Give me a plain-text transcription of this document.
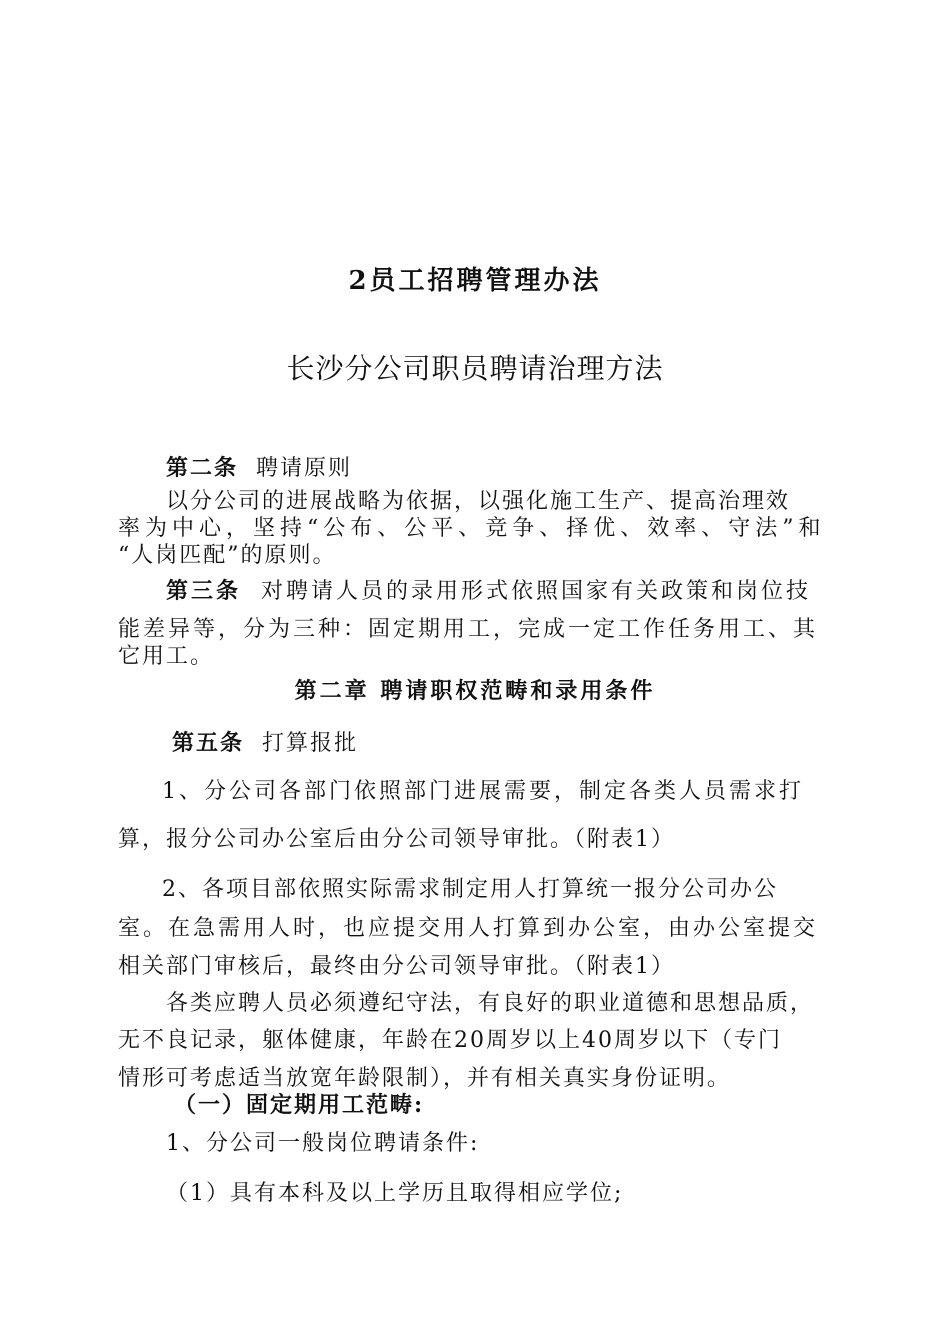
2员工招聘管理办法
长沙分公司职员聘请治理方法
第二条 聘请原则
以分公司的进展战略为依据，以强化施工生产、提高治理效
率为中心，坚持“公布、公平、竞争、择优、效率、守法”和
“人岗匹配”的原则。
第三条 对聘请人员的录用形式依照国家有关政策和岗位技
能差异等，分为三种：固定期用工，完成一定工作任务用工、其
它用工。
第二章 聘请职权范畴和录用条件
第五条 打算报批
1、分公司各部门依照部门进展需要，制定各类人员需求打
算，报分公司办公室后由分公司领导审批。（附表1）
2、各项目部依照实际需求制定用人打算统一报分公司办公
室。在急需用人时，也应提交用人打算到办公室，由办公室提交
相关部门审核后，最终由分公司领导审批。（附表1）
各类应聘人员必须遵纪守法，有良好的职业道德和思想品质，
无不良记录，躯体健康，年龄在20周岁以上40周岁以下（专门
情形可考虑适当放宽年龄限制），并有相关真实身份证明。
（一）固定期用工范畴:
1、分公司一般岗位聘请条件:
（1）具有本科及以上学历且取得相应学位;
